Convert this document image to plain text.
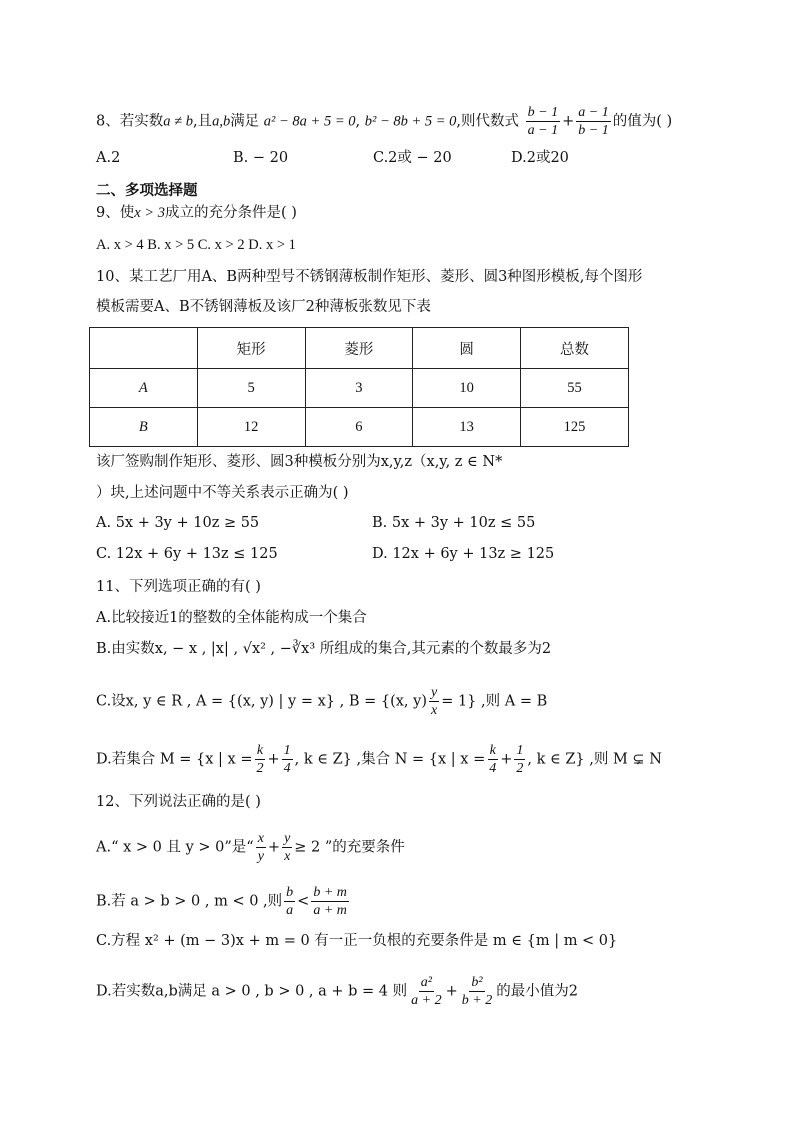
8、若实数a ≠ b,且a,b满足 a² − 8a + 5 = 0, b² − 8b + 5 = 0,则代数式 $\frac{b - 1}{a - 1} + \frac{a - 1}{b - 1}$ 的值为( )
A.2	B. − 20	C.2或 − 20	D.2或20
二、多项选择题
9、使x > 3成立的充分条件是( )
A. x > 4 B. x > 5 C. x > 2 D. x > 1
10、某工艺厂用A、B两种型号不锈钢薄板制作矩形、菱形、圆3种图形模板,每个图形
模板需要A、B不锈钢薄板及该厂2种薄板张数见下表
	矩形	菱形	圆	总数
A	5	3	10	55
B	12	6	13	125
该厂签购制作矩形、菱形、圆3种模板分别为x,y,z（x,y, z ∈ N*
）块,上述问题中不等关系表示正确为( )
A. 5x + 3y + 10z ≥ 55	B. 5x + 3y + 10z ≤ 55
C. 12x + 6y + 13z ≤ 125	D. 12x + 6y + 13z ≥ 125
11、下列选项正确的有( )
A.比较接近1的整数的全体能构成一个集合
B.由实数x, − x , |x| , √x² , −∛x³ 所组成的集合,其元素的个数最多为2
C.设x, y ∈ R , A = {(x, y) | y = x} , B = {(x, $y) \frac{y}{x} = 1$} ,则 A = B
D.若集合 M = {x | $x = \frac{k}{2} + \frac{1}{4}$ , k ∈ Z} ,集合 N = {x | $x = \frac{k}{4} + \frac{1}{2}$ , k ∈ Z} ,则 M ⊊ N
12、下列说法正确的是( )
A.“ x > 0 且 y > 0”是“ $\frac{x}{y} + \frac{y}{x} \ge 2$ ”的充要条件
B.若 a > b > 0 , m < 0 ,则 $\frac{b}{a} < \frac{b + m}{a + m}$
C.方程 x² + (m − 3)x + m = 0 有一正一负根的充要条件是 m ∈ {m | m < 0}
D.若实数a,b满足 a > 0 , b > 0 , a + b = 4 则 $\frac{\text{a²}}{a + 2} + \frac{\text{b²}}{b + 2}$ 的最小值为2
